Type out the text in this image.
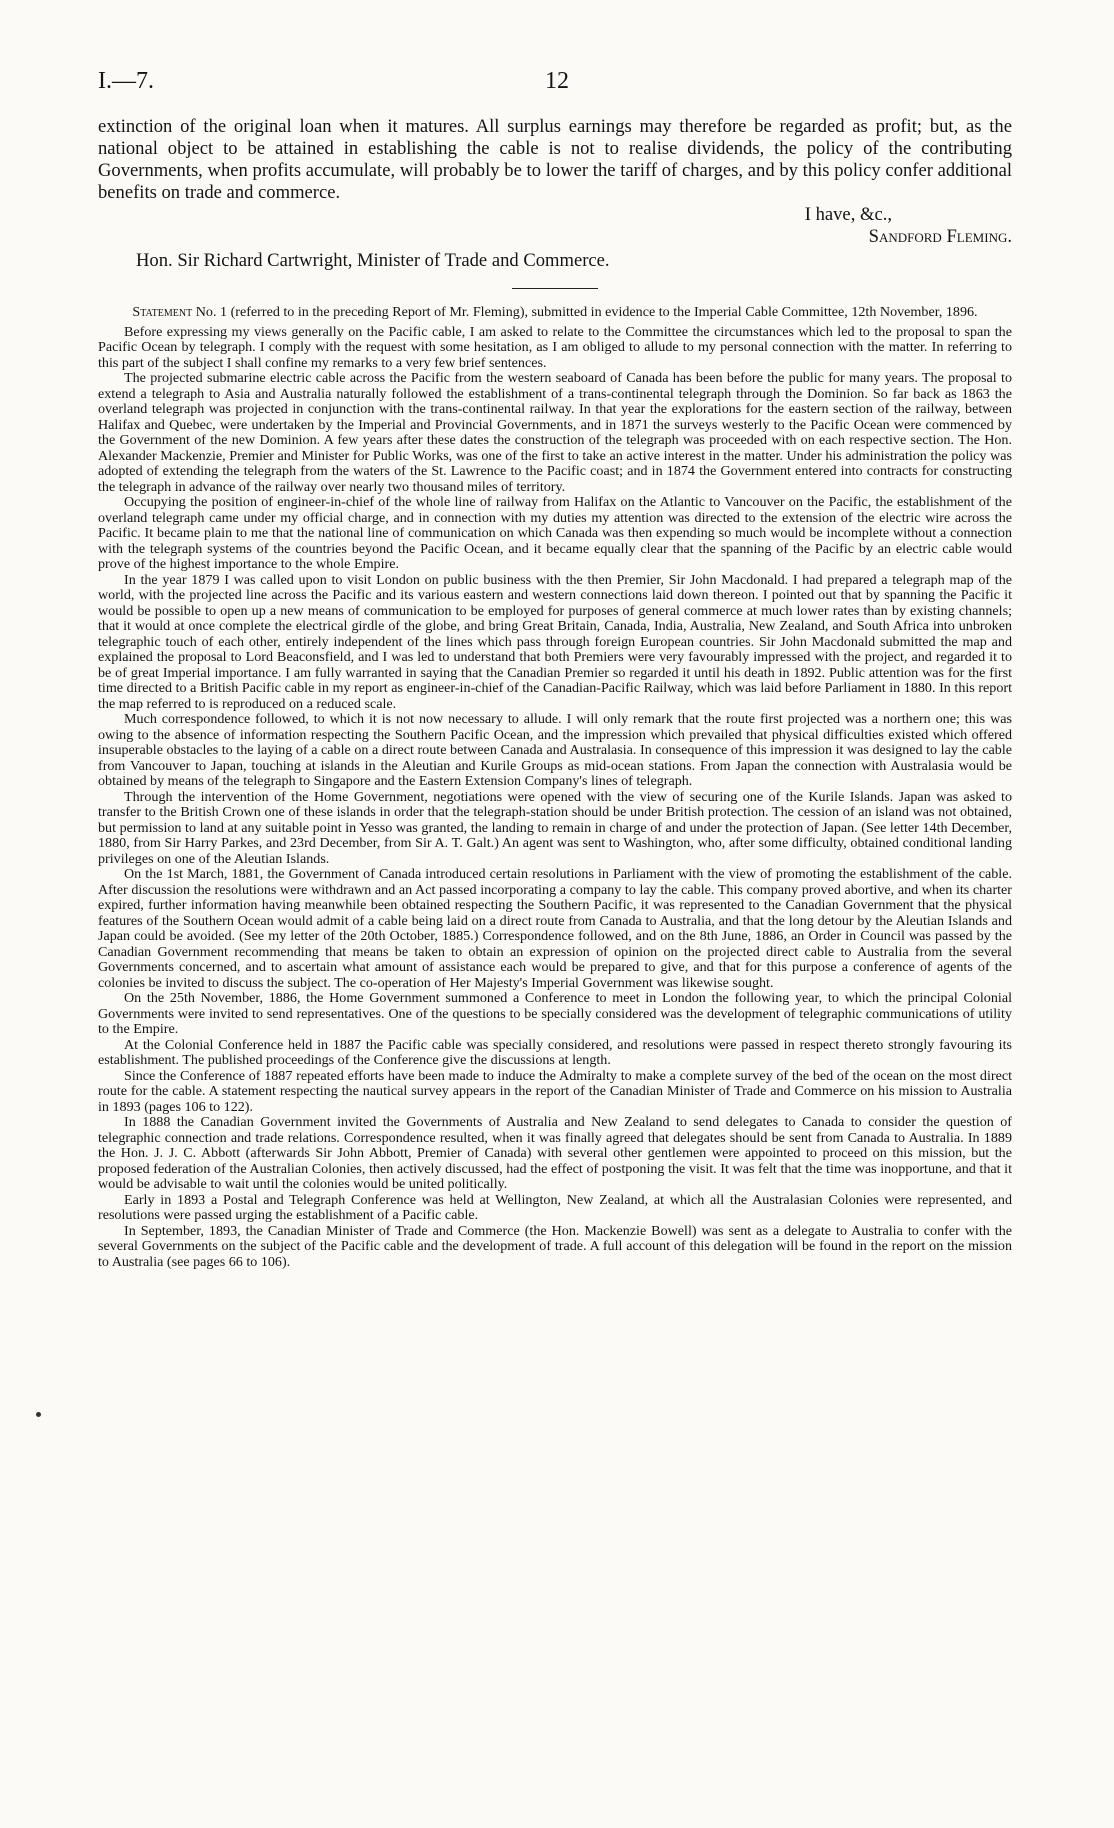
I.—7.	12

extinction of the original loan when it matures. All surplus earnings may therefore be regarded as profit; but, as the national object to be attained in establishing the cable is not to realise dividends, the policy of the contributing Governments, when profits accumulate, will probably be to lower the tariff of charges, and by this policy confer additional benefits on trade and commerce.

I have, &c.,
Sandford Fleming.

Hon. Sir Richard Cartwright, Minister of Trade and Commerce.

Statement No. 1 (referred to in the preceding Report of Mr. Fleming), submitted in evidence to the Imperial Cable Committee, 12th November, 1896.

Before expressing my views generally on the Pacific cable, I am asked to relate to the Committee the circumstances which led to the proposal to span the Pacific Ocean by telegraph. I comply with the request with some hesitation, as I am obliged to allude to my personal connection with the matter. In referring to this part of the subject I shall confine my remarks to a very few brief sentences.

The projected submarine electric cable across the Pacific from the western seaboard of Canada has been before the public for many years. The proposal to extend a telegraph to Asia and Australia naturally followed the establishment of a trans-continental telegraph through the Dominion. So far back as 1863 the overland telegraph was projected in conjunction with the trans-continental railway. In that year the explorations for the eastern section of the railway, between Halifax and Quebec, were undertaken by the Imperial and Provincial Governments, and in 1871 the surveys westerly to the Pacific Ocean were commenced by the Government of the new Dominion. A few years after these dates the construction of the telegraph was proceeded with on each respective section. The Hon. Alexander Mackenzie, Premier and Minister for Public Works, was one of the first to take an active interest in the matter. Under his administration the policy was adopted of extending the telegraph from the waters of the St. Lawrence to the Pacific coast; and in 1874 the Government entered into contracts for constructing the telegraph in advance of the railway over nearly two thousand miles of territory.

Occupying the position of engineer-in-chief of the whole line of railway from Halifax on the Atlantic to Vancouver on the Pacific, the establishment of the overland telegraph came under my official charge, and in connection with my duties my attention was directed to the extension of the electric wire across the Pacific. It became plain to me that the national line of communication on which Canada was then expending so much would be incomplete without a connection with the telegraph systems of the countries beyond the Pacific Ocean, and it became equally clear that the spanning of the Pacific by an electric cable would prove of the highest importance to the whole Empire.

In the year 1879 I was called upon to visit London on public business with the then Premier, Sir John Macdonald. I had prepared a telegraph map of the world, with the projected line across the Pacific and its various eastern and western connections laid down thereon. I pointed out that by spanning the Pacific it would be possible to open up a new means of communication to be employed for purposes of general commerce at much lower rates than by existing channels; that it would at once complete the electrical girdle of the globe, and bring Great Britain, Canada, India, Australia, New Zealand, and South Africa into unbroken telegraphic touch of each other, entirely independent of the lines which pass through foreign European countries. Sir John Macdonald submitted the map and explained the proposal to Lord Beaconsfield, and I was led to understand that both Premiers were very favourably impressed with the project, and regarded it to be of great Imperial importance. I am fully warranted in saying that the Canadian Premier so regarded it until his death in 1892. Public attention was for the first time directed to a British Pacific cable in my report as engineer-in-chief of the Canadian-Pacific Railway, which was laid before Parliament in 1880. In this report the map referred to is reproduced on a reduced scale.

Much correspondence followed, to which it is not now necessary to allude. I will only remark that the route first projected was a northern one; this was owing to the absence of information respecting the Southern Pacific Ocean, and the impression which prevailed that physical difficulties existed which offered insuperable obstacles to the laying of a cable on a direct route between Canada and Australasia. In consequence of this impression it was designed to lay the cable from Vancouver to Japan, touching at islands in the Aleutian and Kurile Groups as mid-ocean stations. From Japan the connection with Australasia would be obtained by means of the telegraph to Singapore and the Eastern Extension Company's lines of telegraph.

Through the intervention of the Home Government, negotiations were opened with the view of securing one of the Kurile Islands. Japan was asked to transfer to the British Crown one of these islands in order that the telegraph-station should be under British protection. The cession of an island was not obtained, but permission to land at any suitable point in Yesso was granted, the landing to remain in charge of and under the protection of Japan. (See letter 14th December, 1880, from Sir Harry Parkes, and 23rd December, from Sir A. T. Galt.) An agent was sent to Washington, who, after some difficulty, obtained conditional landing privileges on one of the Aleutian Islands.

On the 1st March, 1881, the Government of Canada introduced certain resolutions in Parliament with the view of promoting the establishment of the cable. After discussion the resolutions were withdrawn and an Act passed incorporating a company to lay the cable. This company proved abortive, and when its charter expired, further information having meanwhile been obtained respecting the Southern Pacific, it was represented to the Canadian Government that the physical features of the Southern Ocean would admit of a cable being laid on a direct route from Canada to Australia, and that the long detour by the Aleutian Islands and Japan could be avoided. (See my letter of the 20th October, 1885.) Correspondence followed, and on the 8th June, 1886, an Order in Council was passed by the Canadian Government recommending that means be taken to obtain an expression of opinion on the projected direct cable to Australia from the several Governments concerned, and to ascertain what amount of assistance each would be prepared to give, and that for this purpose a conference of agents of the colonies be invited to discuss the subject. The co-operation of Her Majesty's Imperial Government was likewise sought.

On the 25th November, 1886, the Home Government summoned a Conference to meet in London the following year, to which the principal Colonial Governments were invited to send representatives. One of the questions to be specially considered was the development of telegraphic communications of utility to the Empire.

At the Colonial Conference held in 1887 the Pacific cable was specially considered, and resolutions were passed in respect thereto strongly favouring its establishment. The published proceedings of the Conference give the discussions at length.

Since the Conference of 1887 repeated efforts have been made to induce the Admiralty to make a complete survey of the bed of the ocean on the most direct route for the cable. A statement respecting the nautical survey appears in the report of the Canadian Minister of Trade and Commerce on his mission to Australia in 1893 (pages 106 to 122).

In 1888 the Canadian Government invited the Governments of Australia and New Zealand to send delegates to Canada to consider the question of telegraphic connection and trade relations. Correspondence resulted, when it was finally agreed that delegates should be sent from Canada to Australia. In 1889 the Hon. J. J. C. Abbott (afterwards Sir John Abbott, Premier of Canada) with several other gentlemen were appointed to proceed on this mission, but the proposed federation of the Australian Colonies, then actively discussed, had the effect of postponing the visit. It was felt that the time was inopportune, and that it would be advisable to wait until the colonies would be united politically.

Early in 1893 a Postal and Telegraph Conference was held at Wellington, New Zealand, at which all the Australasian Colonies were represented, and resolutions were passed urging the establishment of a Pacific cable.

In September, 1893, the Canadian Minister of Trade and Commerce (the Hon. Mackenzie Bowell) was sent as a delegate to Australia to confer with the several Governments on the subject of the Pacific cable and the development of trade. A full account of this delegation will be found in the report on the mission to Australia (see pages 66 to 106).
